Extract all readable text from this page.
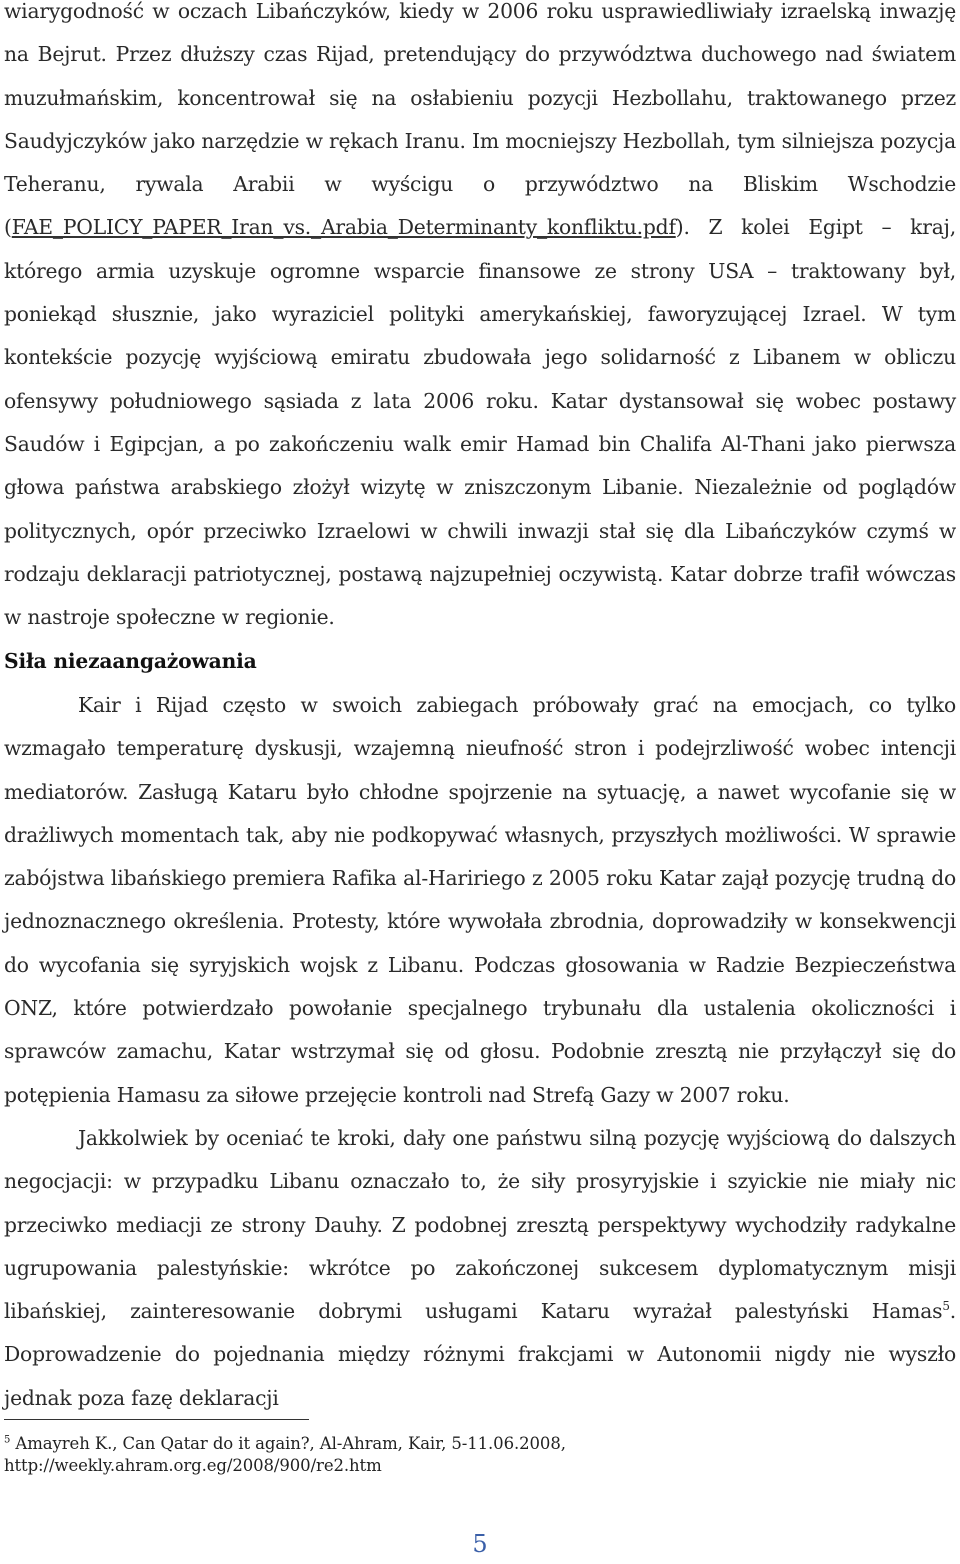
wiarygodność w oczach Libańczyków, kiedy w 2006 roku usprawiedliwiały izraelską inwazję na Bejrut. Przez dłuższy czas Rijad, pretendujący do przywództwa duchowego nad światem muzułmańskim, koncentrował się na osłabieniu pozycji Hezbollahu, traktowanego przez Saudyjczyków jako narzędzie w rękach Iranu. Im mocniejszy Hezbollah, tym silniejsza pozycja Teheranu, rywala Arabii w wyścigu o przywództwo na Bliskim Wschodzie (FAE_POLICY_PAPER_Iran_vs._Arabia_Determinanty_konfliktu.pdf). Z kolei Egipt – kraj, którego armia uzyskuje ogromne wsparcie finansowe ze strony USA – traktowany był, poniekąd słusznie, jako wyraziciel polityki amerykańskiej, faworyzującej Izrael. W tym kontekście pozycję wyjściową emiratu zbudowała jego solidarność z Libanem w obliczu ofensywy południowego sąsiada z lata 2006 roku. Katar dystansował się wobec postawy Saudów i Egipcjan, a po zakończeniu walk emir Hamad bin Chalifa Al-Thani jako pierwsza głowa państwa arabskiego złożył wizytę w zniszczonym Libanie. Niezależnie od poglądów politycznych, opór przeciwko Izraelowi w chwili inwazji stał się dla Libańczyków czymś w rodzaju deklaracji patriotycznej, postawą najzupełniej oczywistą. Katar dobrze trafił wówczas w nastroje społeczne w regionie.

Siła niezaangażowania

Kair i Rijad często w swoich zabiegach próbowały grać na emocjach, co tylko wzmagało temperaturę dyskusji, wzajemną nieufność stron i podejrzliwość wobec intencji mediatorów. Zasługą Kataru było chłodne spojrzenie na sytuację, a nawet wycofanie się w drażliwych momentach tak, aby nie podkopywać własnych, przyszłych możliwości. W sprawie zabójstwa libańskiego premiera Rafika al-Haririego z 2005 roku Katar zajął pozycję trudną do jednoznacznego określenia. Protesty, które wywołała zbrodnia, doprowadziły w konsekwencji do wycofania się syryjskich wojsk z Libanu. Podczas głosowania w Radzie Bezpieczeństwa ONZ, które potwierdzało powołanie specjalnego trybunału dla ustalenia okoliczności i sprawców zamachu, Katar wstrzymał się od głosu. Podobnie zresztą nie przyłączył się do potępienia Hamasu za siłowe przejęcie kontroli nad Strefą Gazy w 2007 roku.

Jakkolwiek by oceniać te kroki, dały one państwu silną pozycję wyjściową do dalszych negocjacji: w przypadku Libanu oznaczało to, że siły prosyryjskie i szyickie nie miały nic przeciwko mediacji ze strony Dauhy. Z podobnej zresztą perspektywy wychodziły radykalne ugrupowania palestyńskie: wkrótce po zakończonej sukcesem dyplomatycznym misji libańskiej, zainteresowanie dobrymi usługami Kataru wyrażał palestyński Hamas$^5$. Doprowadzenie do pojednania między różnymi frakcjami w Autonomii nigdy nie wyszło jednak poza fazę deklaracji

$^5$ Amayreh K., Can Qatar do it again?, Al-Ahram, Kair, 5-11.06.2008,
http://weekly.ahram.org.eg/2008/900/re2.htm
5
